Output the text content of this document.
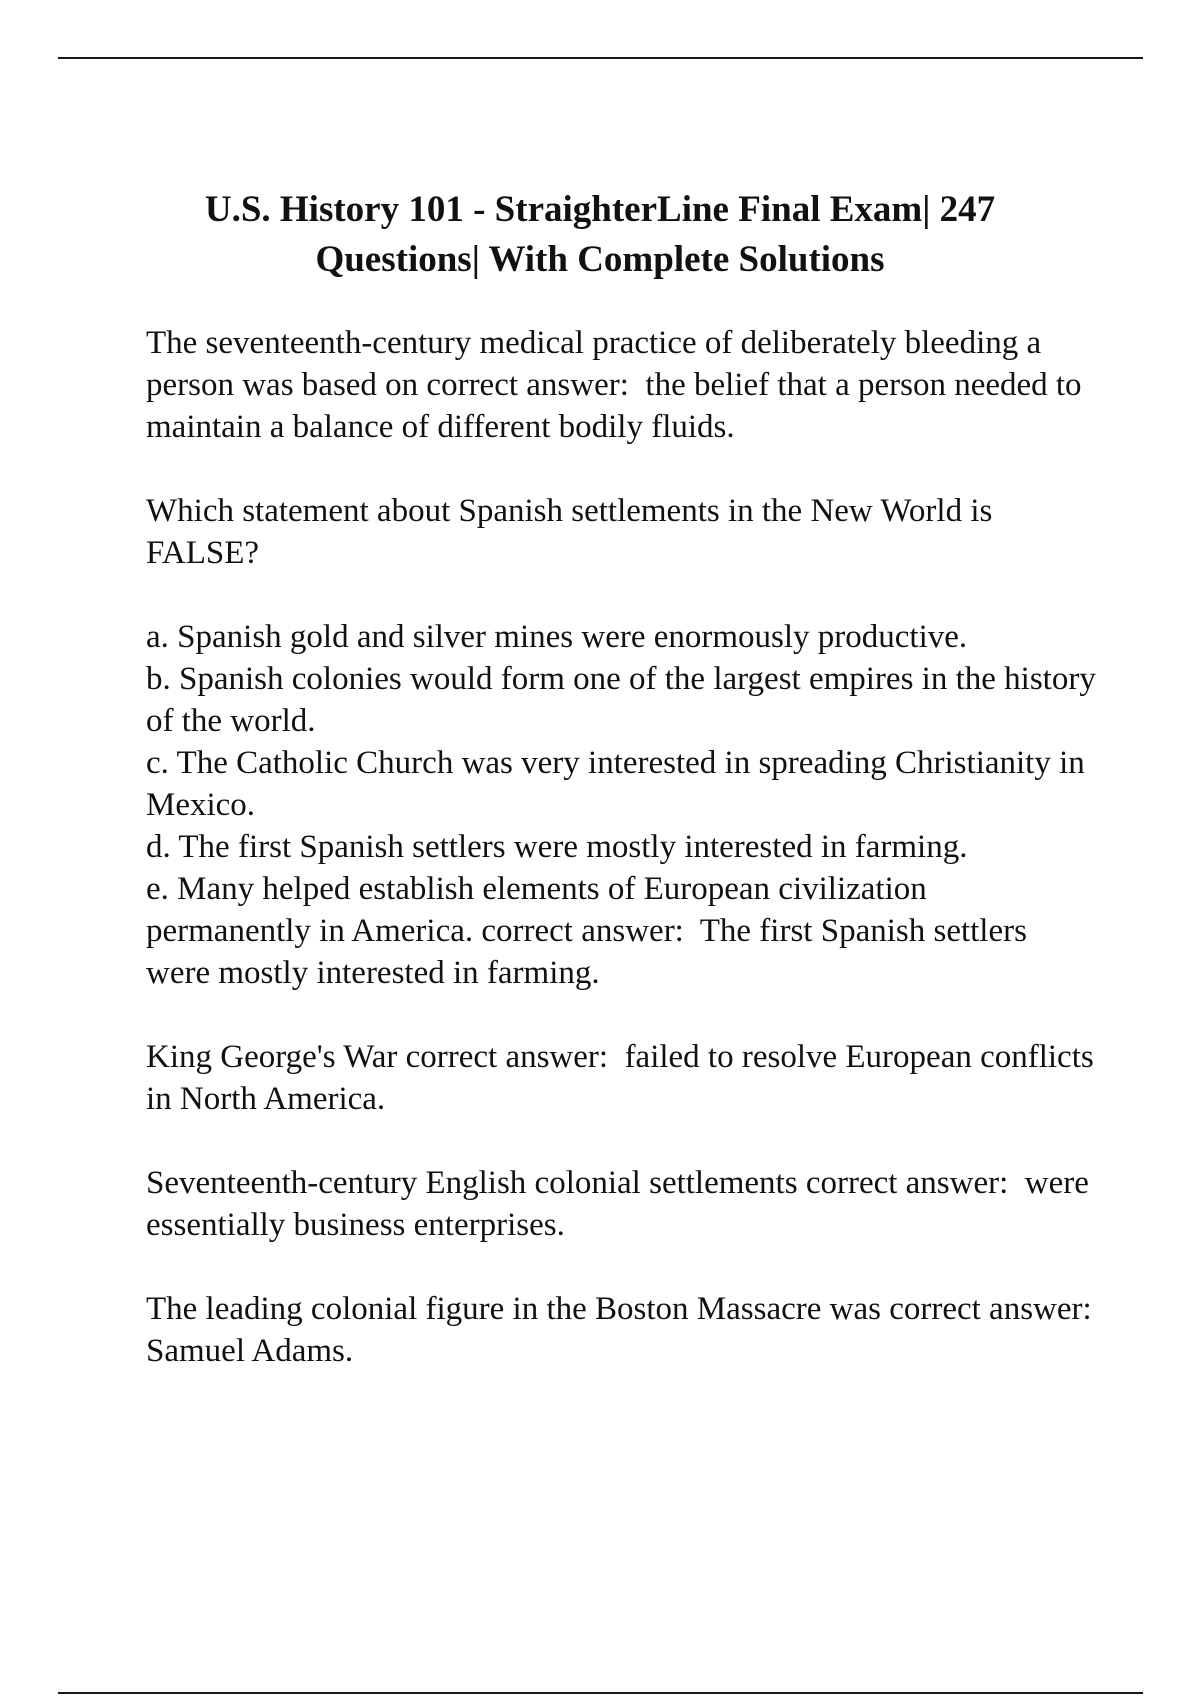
U.S. History 101 - StraighterLine Final Exam| 247 Questions| With Complete Solutions

The seventeenth-century medical practice of deliberately bleeding a person was based on correct answer:  the belief that a person needed to maintain a balance of different bodily fluids.

Which statement about Spanish settlements in the New World is FALSE?

a. Spanish gold and silver mines were enormously productive.

b. Spanish colonies would form one of the largest empires in the history of the world.

c. The Catholic Church was very interested in spreading Christianity in Mexico.

d. The first Spanish settlers were mostly interested in farming.

e. Many helped establish elements of European civilization permanently in America. correct answer:  The first Spanish settlers were mostly interested in farming.

King George's War correct answer:  failed to resolve European conflicts in North America.

Seventeenth-century English colonial settlements correct answer:  were essentially business enterprises.

The leading colonial figure in the Boston Massacre was correct answer:  Samuel Adams.
